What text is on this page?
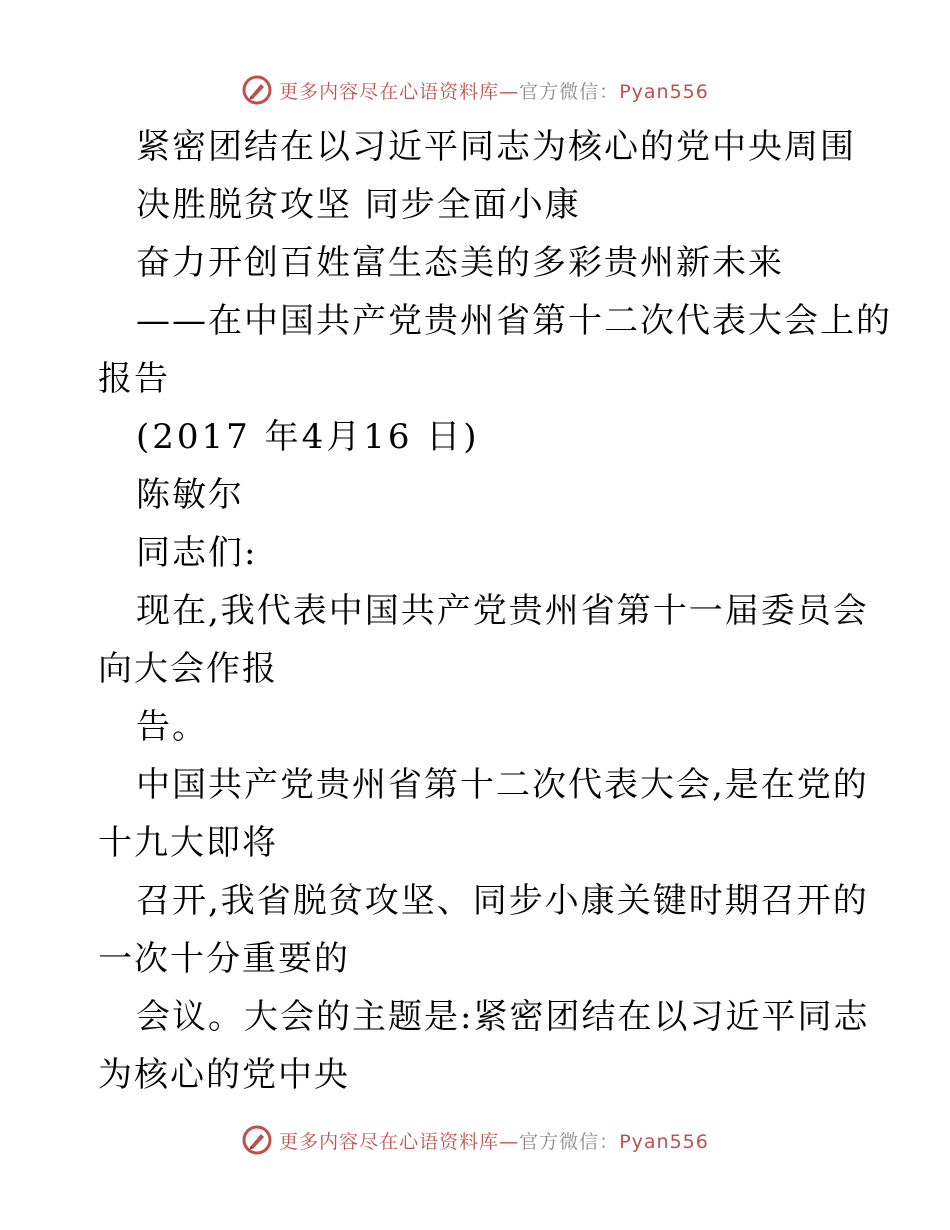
更多内容尽在心语资料库—官方微信：Pyan556
紧密团结在以习近平同志为核心的党中央周围
决胜脱贫攻坚 同步全面小康
奋力开创百姓富生态美的多彩贵州新未来
——在中国共产党贵州省第十二次代表大会上的
报告
(2017 年4月16 日)
陈敏尔
同志们:
现在,我代表中国共产党贵州省第十一届委员会
向大会作报
告。
中国共产党贵州省第十二次代表大会,是在党的
十九大即将
召开,我省脱贫攻坚、同步小康关键时期召开的
一次十分重要的
会议。大会的主题是:紧密团结在以习近平同志
为核心的党中央
更多内容尽在心语资料库—官方微信：Pyan556
